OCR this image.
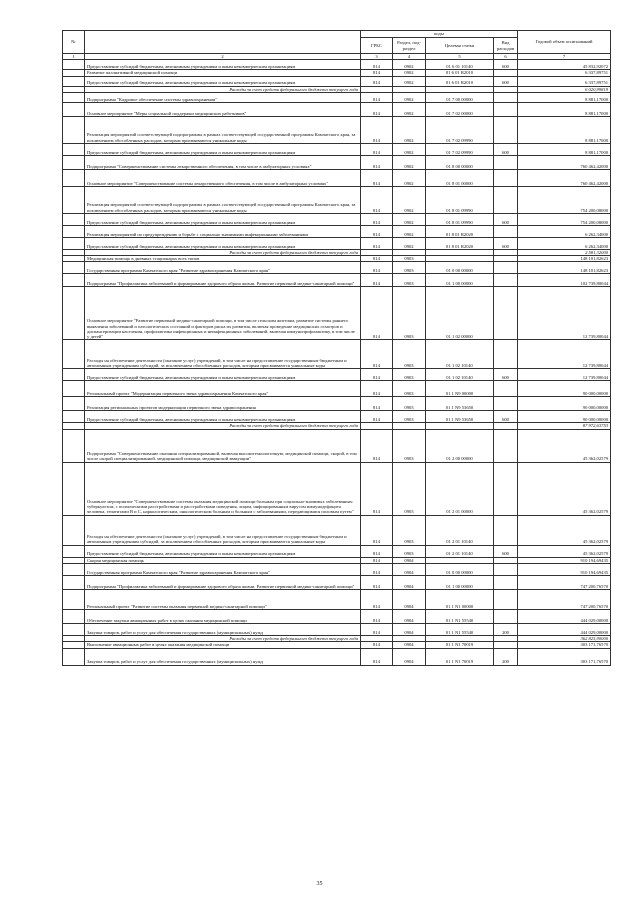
№		коды				Годовой объем ассигнований
		ГРБС	Раздел, под-раздел	Целевая статья	Вид расходов	
1	2	3	4	5	6	7
	Предоставление субсидий бюджетным, автономным учреждениям и иным некоммерческим организациям	814	0902	01 6 01 10140	600	45 832,92072
	Развитие паллиативной медицинской помощи	814	0902	01 6 01 R2010		6 337,89751
	Предоставление субсидий бюджетным, автономным учреждениям и иным некоммерческим организациям	814	0902	01 6 01 R2010	600	6 337,89751
	Расходы за счет средств федерального бюджета текущего года					6 020,99819
	Подпрограмма "Кадровое обеспечение системы здравоохранения"	814	0902	01 7 00 00000		8 881,17000
	Основное мероприятие "Меры социальной поддержки медицинских работников"	814	0902	01 7 02 00000		8 881,17000
	Реализация мероприятий соответствующей подпрограммы в рамках соответствующей государственной программы Камчатского края, за исключением обособленных расходов, которым присваиваются уникальные коды	814	0902	01 7 02 09990		8 881,17000
	Предоставление субсидий бюджетным, автономным учреждениям и иным некоммерческим организациям	814	0902	01 7 02 09990	600	8 881,17000
	Подпрограмма "Совершенствование системы лекарственного обеспечения, в том числе в амбулаторных условиях"	814	0902	01 8 00 00000		760 462,42000
	Основное мероприятие "Совершенствование системы лекарственного обеспечения, в том числе в амбулаторных условиях"	814	0902	01 8 01 00000		760 462,42000
	Реализация мероприятий соответствующей подпрограммы в рамках соответствующей государственной программы Камчатского края, за исключением обособленных расходов, которым присваиваются уникальные коды	814	0902	01 8 01 09990		754 200,08000
	Предоставление субсидий бюджетным, автономным учреждениям и иным некоммерческим организациям	814	0902	01 8 01 09990	600	754 200,08000
	Реализация мероприятий по предупреждению и борьбе с социально значимыми инфекционными заболеваниями	814	0902	01 8 01 R2020		6 262,34000
	Предоставление субсидий бюджетным, автономным учреждениям и иным некоммерческим организациям	814	0902	01 8 01 R2020	600	6 262,34000
	Расходы за счет средств федерального бюджета текущего года					2 581,32000
	Медицинская помощь в дневных стационарах всех типов	814	0903			148 101,82623
	Государственная программа Камчатского края "Развитие здравоохранения Камчатского края"	814	0903	01 0 00 00000		148 101,82623
	Подпрограмма "Профилактика заболеваний и формирование здорового образа жизни. Развитие первичной медико-санитарной помощи"	814	0903	01 1 00 00000		102 739,80044
	Основное мероприятие "Развитие первичной медико-санитарной помощи, в том числе сельским жителям, развитие системы раннего выявления заболеваний и патологических состояний и факторов риска их развития, включая проведение медицинских осмотров и диспансеризации населения, профилактика инфекционных и неинфекционных заболеваний, включая иммунопрофилактику, в том числе у детей"	814	0903	01 1 02 00000		12 739,80044
	Расходы на обеспечение деятельности (оказание услуг) учреждений, в том числе на предоставление государственным бюджетным и автономным учреждениям субсидий, за исключением обособленных расходов, которым присваиваются уникальные коды	814	0903	01 1 02 10140		12 739,80044
	Предоставление субсидий бюджетным, автономным учреждениям и иным некоммерческим организациям	814	0903	01 1 02 10140	600	12 739,80044
	Региональный проект "Модернизация первичного звена здравоохранения Камчатского края"	814	0903	01 1 N9 00000		90 000,00000
	Реализация региональных проектов модернизации первичного звена здравоохранения	814	0903	01 1 N9 53650		90 000,00000
	Предоставление субсидий бюджетным, автономным учреждениям и иным некоммерческим организациям	814	0903	01 1 N9 53650	600	90 000,00000
	Расходы за счет средств федерального бюджета текущего года					87 972,63753
	Подпрограмма "Совершенствование оказания специализированной, включая высокотехнологичную, медицинской помощи, скорой, в том числе скорой специализированной, медицинской помощи, медицинской эвакуации"	814	0903	01 2 00 00000		45 362,02579
	Основное мероприятие "Совершенствование системы оказания медицинской помощи больным при социально-значимых заболеваниях: туберкулезом, с психическими расстройствами и расстройствами поведения, лицам, инфицированным вирусом иммунодефицита человека, гепатитами B и C, наркологическим, онкологическим больным и больным с заболеваниями, передающимися половым путем"	814	0903	01 2 01 00000		45 362,02579
	Расходы на обеспечение деятельности (оказание услуг) учреждений, в том числе на предоставление государственным бюджетным и автономным учреждениям субсидий, за исключением обособленных расходов, которым присваиваются уникальные коды	814	0903	01 2 01 10140		45 362,02579
	Предоставление субсидий бюджетным, автономным учреждениям и иным некоммерческим организациям	814	0903	01 2 01 10140	600	45 362,02579
	Скорая медицинская помощь	814	0904			910 194,69435
	Государственная программа Камчатского края "Развитие здравоохранения Камчатского края"	814	0904	01 0 00 00000		910 194,69435
	Подпрограмма "Профилактика заболеваний и формирование здорового образа жизни. Развитие первичной медико-санитарной помощи"	814	0904	01 1 00 00000		747 200,76570
	Региональный проект "Развитие системы оказания первичной медико-санитарной помощи"	814	0904	01 1 N1 00000		747 200,76570
	Обеспечение закупки авиационных работ в целях оказания медицинской помощи	814	0904	01 1 N1 55540		444 029,00000
	Закупка товаров, работ и услуг для обеспечения государственных (муниципальных) нужд	814	0904	01 1 N1 55540	200	444 029,00000
	Расходы за счет средств федерального бюджета текущего года					362 825,90000
	Выполнение авиационных работ в целях оказания медицинской помощи	814	0904	01 1 N1 70019		303 171,76570
	Закупка товаров, работ и услуг для обеспечения государственных (муниципальных) нужд	814	0904	01 1 N1 70019	200	303 171,76570
35
